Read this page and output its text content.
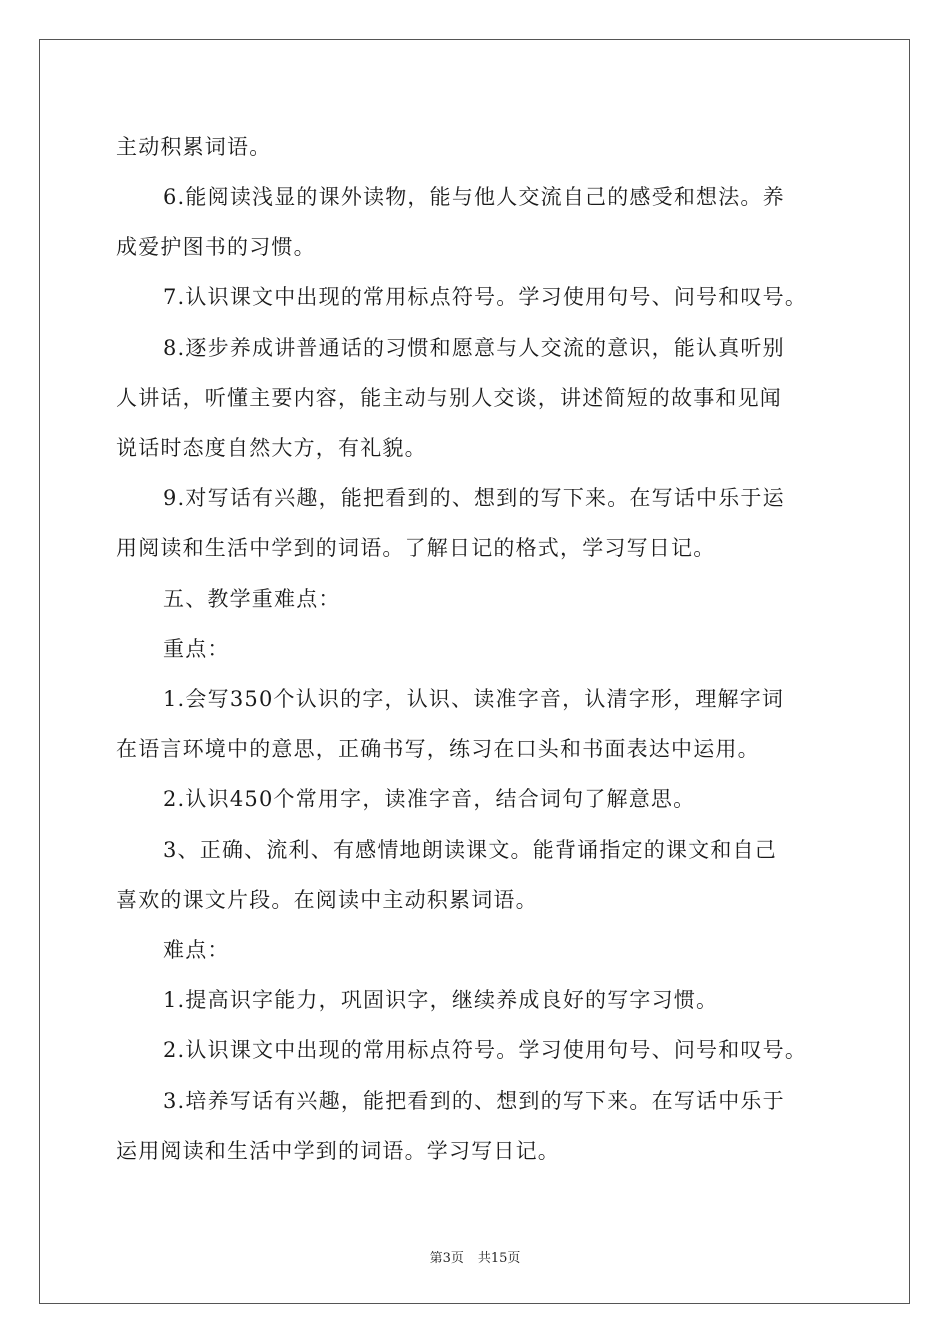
主动积累词语。
6.能阅读浅显的课外读物，能与他人交流自己的感受和想法。养
成爱护图书的习惯。
7.认识课文中出现的常用标点符号。学习使用句号、问号和叹号。
8.逐步养成讲普通话的习惯和愿意与人交流的意识，能认真听别
人讲话，听懂主要内容，能主动与别人交谈，讲述简短的故事和见闻
说话时态度自然大方，有礼貌。
9.对写话有兴趣，能把看到的、想到的写下来。在写话中乐于运
用阅读和生活中学到的词语。了解日记的格式，学习写日记。
五、教学重难点：
重点：
1.会写350个认识的字，认识、读准字音，认清字形，理解字词
在语言环境中的意思，正确书写，练习在口头和书面表达中运用。
2.认识450个常用字，读准字音，结合词句了解意思。
3、正确、流利、有感情地朗读课文。能背诵指定的课文和自己
喜欢的课文片段。在阅读中主动积累词语。
难点：
1.提高识字能力，巩固识字，继续养成良好的写字习惯。
2.认识课文中出现的常用标点符号。学习使用句号、问号和叹号。
3.培养写话有兴趣，能把看到的、想到的写下来。在写话中乐于
运用阅读和生活中学到的词语。学习写日记。
第3页 共15页
